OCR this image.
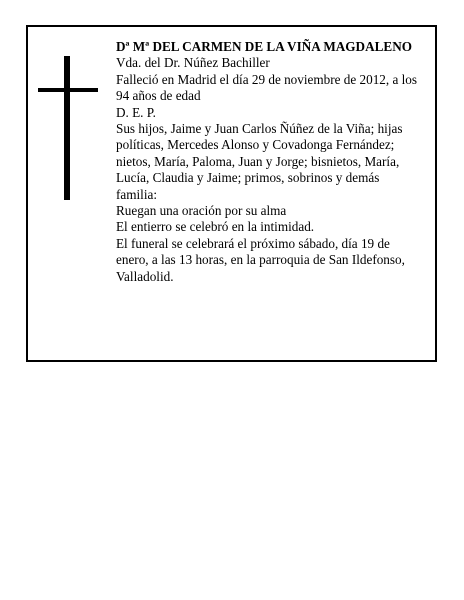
Dª Mª DEL CARMEN DE LA VIÑA MAGDALENO

Vda. del Dr. Núñez Bachiller

Falleció en Madrid el día 29 de noviembre de 2012, a los 94 años de edad

D. E. P.

Sus hijos, Jaime y Juan Carlos Ñúñez de la Viña; hijas políticas, Mercedes Alonso y Covadonga Fernández; nietos, María, Paloma, Juan y Jorge; bisnietos, María, Lucía, Claudia y Jaime; primos, sobrinos y demás familia:

Ruegan una oración por su alma

El entierro se celebró en la intimidad.

El funeral se celebrará el próximo sábado, día 19 de enero, a las 13 horas, en la parroquia de San Ildefonso, Valladolid.
